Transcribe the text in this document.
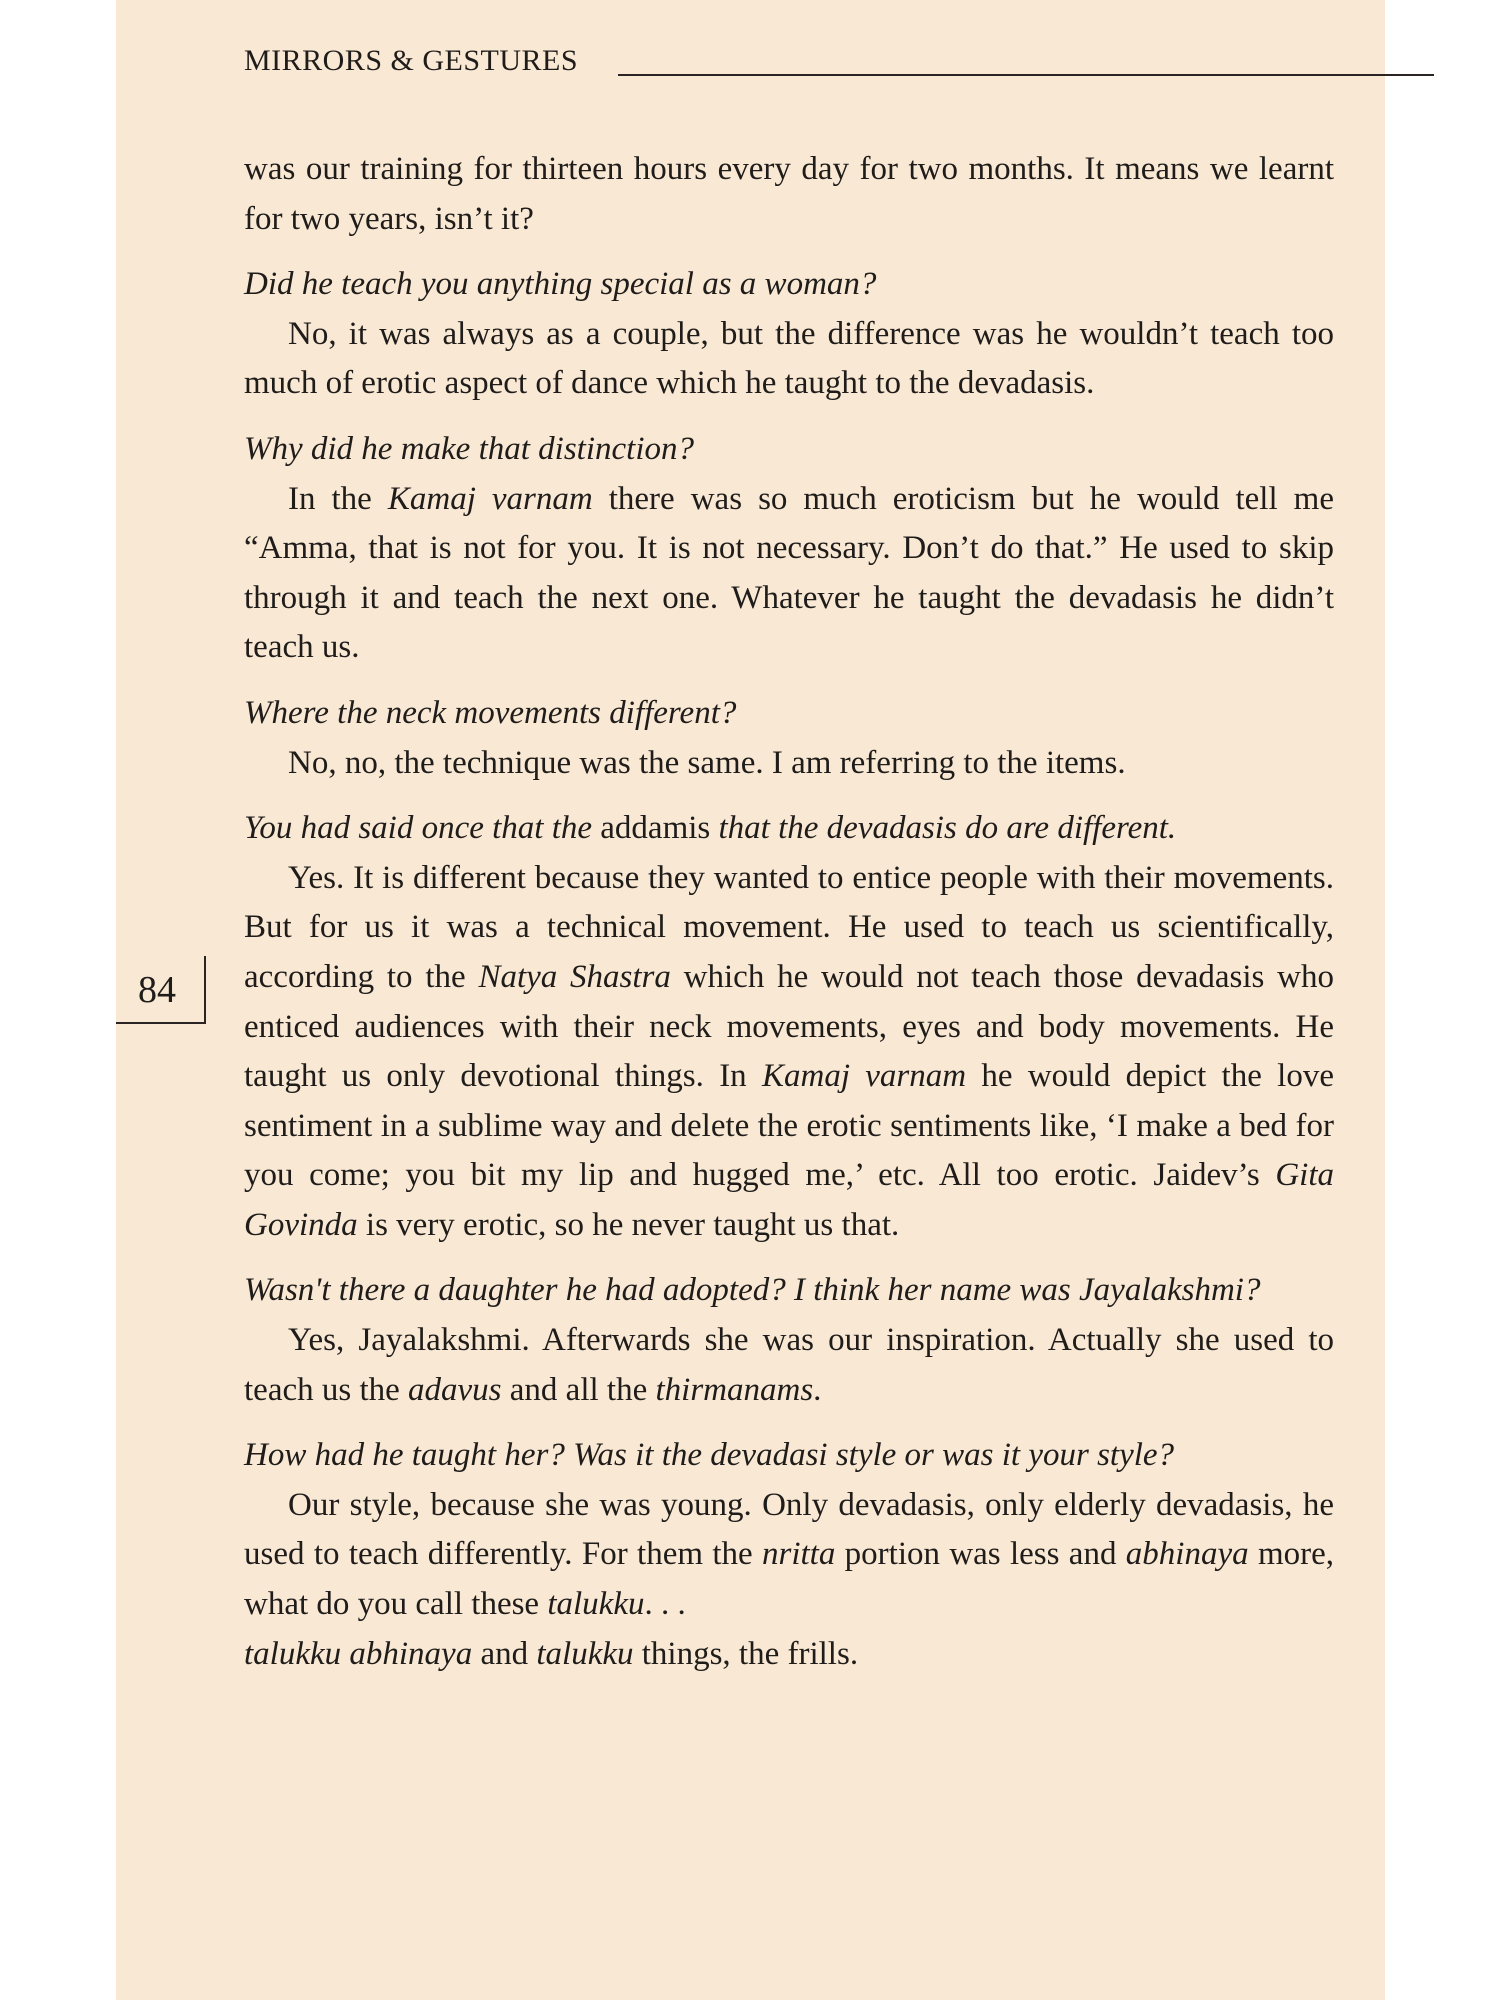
MIRRORS & GESTURES
84

was our training for thirteen hours every day for two months. It means we learnt for two years, isn’t it?

Did he teach you anything special as a woman?

No, it was always as a couple, but the difference was he wouldn’t teach too much of erotic aspect of dance which he taught to the devadasis.

Why did he make that distinction?

In the Kamaj varnam there was so much eroticism but he would tell me “Amma, that is not for you. It is not necessary. Don’t do that.” He used to skip through it and teach the next one. Whatever he taught the devadasis he didn’t teach us.

Where the neck movements different?

No, no, the technique was the same. I am referring to the items.

You had said once that the addamis that the devadasis do are different.

Yes. It is different because they wanted to entice people with their movements. But for us it was a technical movement. He used to teach us scientifically, according to the Natya Shastra which he would not teach those devadasis who enticed audiences with their neck movements, eyes and body movements. He taught us only devotional things. In Kamaj varnam he would depict the love sentiment in a sublime way and delete the erotic sentiments like, ‘I make a bed for you come; you bit my lip and hugged me,’ etc. All too erotic. Jaidev’s Gita Govinda is very erotic, so he never taught us that.

Wasn't there a daughter he had adopted? I think her name was Jayalakshmi?

Yes, Jayalakshmi. Afterwards she was our inspiration. Actually she used to teach us the adavus and all the thirmanams.

How had he taught her? Was it the devadasi style or was it your style?

Our style, because she was young. Only devadasis, only elderly devadasis, he used to teach differently. For them the nritta portion was less and abhinaya more, what do you call these talukku. . .

talukku abhinaya and talukku things, the frills.
